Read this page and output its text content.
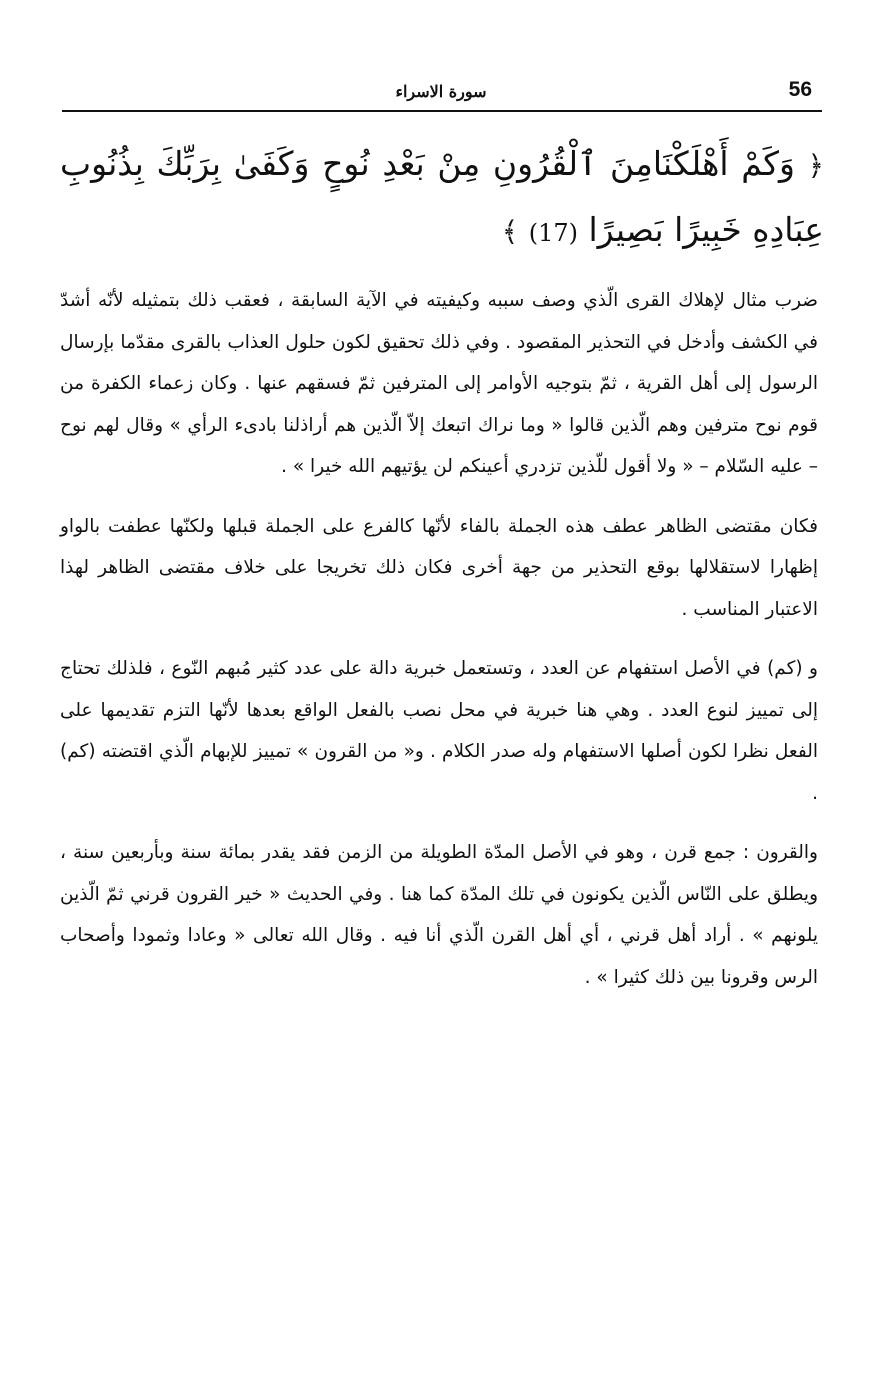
سورة الاسراء	56
﴿ وَكَمْ أَهْلَكْنَامِنَ ٱلْقُرُونِ مِنْ بَعْدِ نُوحٍ وَكَفَىٰ بِرَبِّكَ بِذُنُوبِ عِبَادِهِ خَبِيرًا بَصِيرًا (17) ﴾

ضرب مثال لإهلاك القرى الّذي وصف سببه وكيفيته في الآية السابقة ، فعقب ذلك بتمثيله لأنّه أشدّ في الكشف وأدخل في التحذير المقصود . وفي ذلك تحقيق لكون حلول العذاب بالقرى مقدّما بإرسال الرسول إلى أهل القرية ، ثمّ بتوجيه الأوامر إلى المترفين ثمّ فسقهم عنها . وكان زعماء الكفرة من قوم نوح مترفين وهم الّذين قالوا « وما نراك اتبعك إلاّ الّذين هم أراذلنا بادىء الرأي » وقال لهم نوح – عليه السّلام – « ولا أقول للّذين تزدري أعينكم لن يؤتيهم الله خيرا » .

فكان مقتضى الظاهر عطف هذه الجملة بالفاء لأنّها كالفرع على الجملة قبلها ولكنّها عطفت بالواو إظهارا لاستقلالها بوقع التحذير من جهة أخرى فكان ذلك تخريجا على خلاف مقتضى الظاهر لهذا الاعتبار المناسب .

و (كم) في الأصل استفهام عن العدد ، وتستعمل خبرية دالة على عدد كثير مُبهم النّوع ، فلذلك تحتاج إلى تمييز لنوع العدد . وهي هنا خبرية في محل نصب بالفعل الواقع بعدها لأنّها التزم تقديمها على الفعل نظرا لكون أصلها الاستفهام وله صدر الكلام . و« من القرون » تمييز للإبهام الّذي اقتضته (كم) .

والقرون : جمع قرن ، وهو في الأصل المدّة الطويلة من الزمن فقد يقدر بمائة سنة وبأربعين سنة ، ويطلق على النّاس الّذين يكونون في تلك المدّة كما هنا . وفي الحديث « خير القرون قرني ثمّ الّذين يلونهم » . أراد أهل قرني ، أي أهل القرن الّذي أنا فيه . وقال الله تعالى « وعادا وثمودا وأصحاب الرس وقرونا بين ذلك كثيرا » .
